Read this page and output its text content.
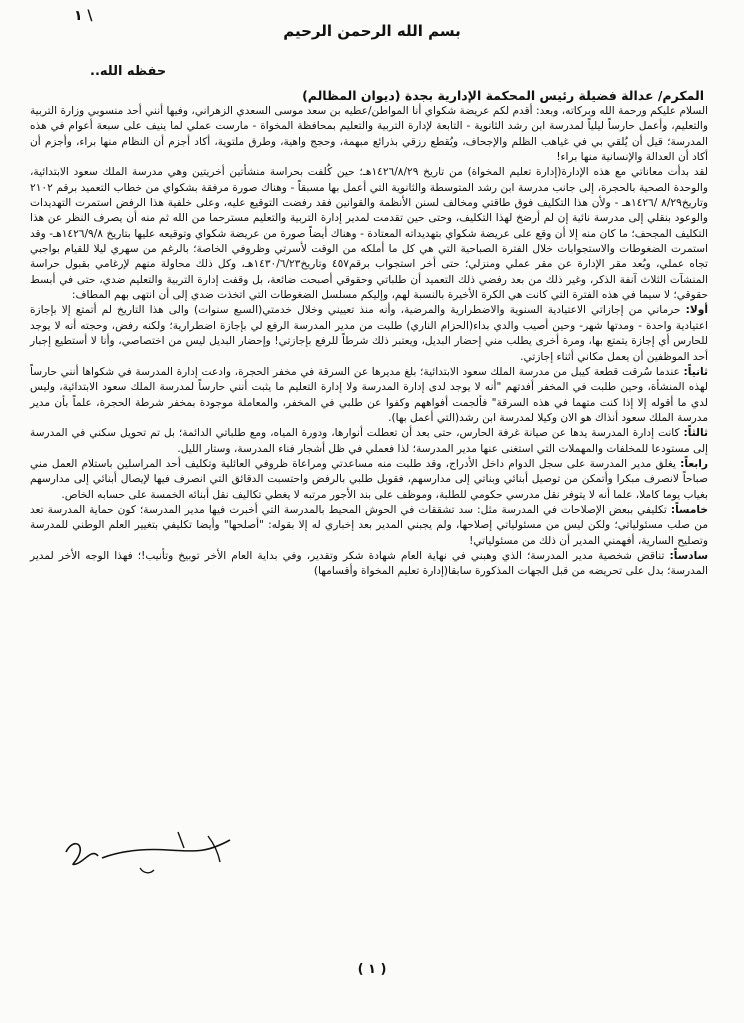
١ \
بسم الله الرحمن الرحيم
حفظه الله..
المكرم/ عدالة فضيلة رئيس المحكمة الإدارية بجدة (ديوان المظالم)

السلام عليكم ورحمة الله وبركاته، وبعد: أقدم لكم عريضة شكواي أنا المواطن/عطيه بن سعد موسى السعدي الزهراني، وفيها أنني أحد منسوبي وزارة التربية والتعليم، وأعمل حارساً ليلياً لمدرسة ابن رشد الثانوية - التابعة لإدارة التربية والتعليم بمحافظة المخواة - مارست عملي لما ينيف على سبعة أعوام في هذه المدرسة؛ قيل أن يُلقي بي في غياهب الظلم والإجحاف، ويُقطع رزقي بذرائع مبهمة، وحجج واهية، وطرق ملتوية، أكاد أجزم أن النظام منها براء، وأجزم أن أكاد أن العدالة والإنسانية منها براء!

لقد بدأت معاناتي مع هذه الإدارة(إدارة تعليم المخواة) من تاريخ ١٤٢٦/٨/٢٩هـ؛ حين كُلفت بحراسة منشأتين أخريتين وهي مدرسة الملك سعود الابتدائية، والوحدة الصحية بالحجرة، إلى جانب مدرسة ابن رشد المتوسطة والثانوية التي أعمل بها مسبقاً - وهناك صورة مرفقة بشكواي من خطاب التعميد برقم ٢١٠٢ وتاريخ٨/٢٩ /١٤٢٦هـ - ولأن هذا التكليف فوق طاقتي ومخالف لسنن الأنظمة والقوانين فقد رفضت التوقيع عليه، وعلى خلفية هذا الرفض استمرت التهديدات والوعود بنقلي إلى مدرسة نائية إن لم أرضخ لهذا التكليف، وحتى حين تقدمت لمدير إدارة التربية والتعليم مسترحما من الله ثم منه أن يصرف النظر عن هذا التكليف المجحف؛ ما كان منه إلا أن وقع على عريضة شكواي بتهديداته المعتادة - وهناك أيضاً صورة من عريضة شكواي وتوقيعه عليها بتاريخ ١٤٢٦/٩/٨هـ- وقد استمرت الضغوطات والاستجوابات خلال الفترة الصباحية التي هي كل ما أملكه من الوقت لأسرتي وظروفي الخاصة؛ بالرغم من سهري ليلا للقيام بواجبي تجاه عملي، وبُعد مقر الإدارة عن مقر عملي ومنزلي؛ حتى أخر استجواب برقم٤٥٧ وتاريخ١٤٣٠/٦/٢٣هـ، وكل ذلك محاولة منهم لإرغامي بقبول حراسة المنشآت الثلاث آنفة الذكر، وغير ذلك من بعد رفضي ذلك التعميد أن طلباتي وحقوقي أصبحت ضائعة، بل وقفت إدارة التربية والتعليم ضدي، حتى في أبسط حقوقي؛ لا سيما في هذه الفترة التي كانت هي الكرة الأخيرة بالنسبة لهم، وإليكم مسلسل الضغوطات التي اتخذت ضدي إلى أن انتهى بهم المطاف:

أولا: حرماني من إجازاتي الاعتيادية السنوية والاضطرارية والمرضية، وأنه منذ تعييني وخلال خدمتي(السبع سنوات) والى هذا التاريخ لم أتمتع إلا بإجازة اعتيادية واحدة - ومدتها شهر- وحين أصيب والدي بداء(الحزام الناري) طلبت من مدير المدرسة الرفع لي بإجازة اضطرارية؛ ولكنه رفض، وحجته أنه لا يوجد للحارس أي إجازة يتمتع بها، ومرة أخرى يطلب مني إحضار البديل، ويعتبر ذلك شرطاً للرفع بإجازتي! وإحضار البديل ليس من اختصاصي، وأنا لا أستطيع إجبار أحد الموظفين أن يعمل مكاني أثناء إجازتي.

ثانياً: عندما سُرقت قطعة كيبل من مدرسة الملك سعود الابتدائية؛ بلغ مديرها عن السرقة في مخفر الحجرة، وادعت إدارة المدرسة في شكواها أنني حارساً لهذه المنشأة، وحين طلبت في المخفر أفدتهم "أنه لا يوجد لدى إدارة المدرسة ولا إدارة التعليم ما يثبت أنني حارساً لمدرسة الملك سعود الابتدائية، وليس لدي ما أقوله إلا إذا كنت متهما في هذه السرقة" فألجمت أفواههم وكفوا عن طلبي في المخفر، والمعاملة موجودة بمخفر شرطة الحجرة، علماً بأن مدير مدرسة الملك سعود أنذاك هو الان وكيلا لمدرسة ابن رشد(التي أعمل بها).

ثالثاً: كانت إدارة المدرسة يدها عن صيانة غرفة الحارس، حتى بعد أن تعطلت أنوارها، ودورة المياه، ومع طلباتي الدائمة؛ بل تم تحويل سكني في المدرسة إلى مستودعا للمخلفات والمهملات التي استغنى عنها مدير المدرسة؛ لذا فعملي في ظل أشجار فناء المدرسة، وستار الليل.

رابعاً: يغلق مدير المدرسة على سجل الدوام داخل الأدراج، وقد طلبت منه مساعدتي ومراعاة ظروفي العائلية وتكليف أحد المراسلين باستلام العمل مني صباحاً لانصرف مبكرا وأتمكن من توصيل أبنائي وبناتي إلى مدارسهم، فقوبل طلبي بالرفض واحتسبت الدقائق التي انصرف فيها لإيصال أبنائي إلى مدارسهم بغياب يوما كاملا، علما أنه لا يتوفر نقل مدرسي حكومي للطلبة، وموظف على بند الأجور مرتبه لا يغطي تكاليف نقل أبنائه الخمسة على حسابه الخاص.

خامساً: تكليفي ببعض الإصلاحات في المدرسة مثل: سد تشققات في الحوش المحيط بالمدرسة التي أخبرت فيها مدير المدرسة؛ كون حماية المدرسة تعد من صلب مسئولياتي؛ ولكن ليس من مسئولياتي إصلاحها، ولم يجبني المدير بعد إخباري له إلا بقوله: "أصلحها" وأيضا تكليفي بتغيير العلم الوطني للمدرسة وتصليح السارية، أفهمني المدير أن ذلك من مسئولياتي!

سادساً: تناقض شخصية مدير المدرسة؛ الذي وهبني في نهاية العام شهادة شكر وتقدير، وفي بداية العام الأخر توبيخ وتأنيب!؛ فهذا الوجه الأخر لمدير المدرسة؛ بدل على تحريضه من قبل الجهات المذكورة سابقا(إدارة تعليم المخواة وأقسامها)

( ١ )
